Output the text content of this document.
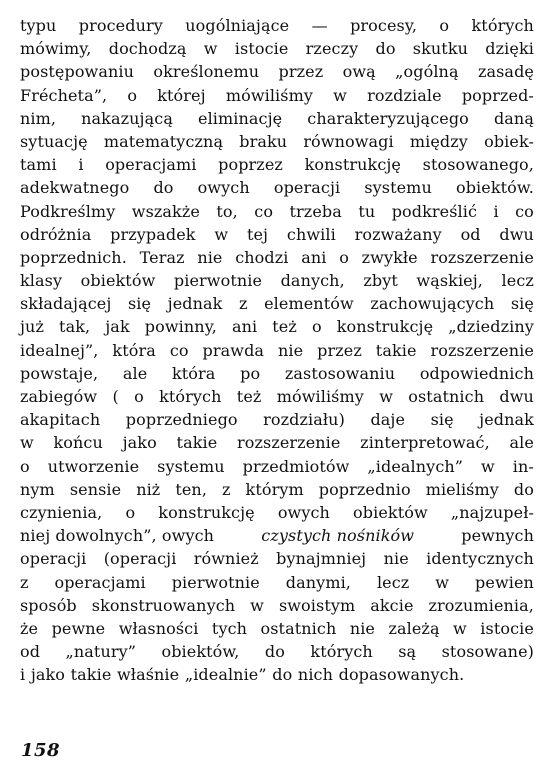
typu procedury uogólniające — procesy, o których
mówimy, dochodzą w istocie rzeczy do skutku dzięki
postępowaniu określonemu przez ową „ogólną zasadę
Frécheta”, o której mówiliśmy w rozdziale poprzed-
nim, nakazującą eliminację charakteryzującego daną
sytuację matematyczną braku równowagi między obiek-
tami i operacjami poprzez konstrukcję stosowanego,
adekwatnego do owych operacji systemu obiektów.
Podkreślmy wszakże to, co trzeba tu podkreślić i co
odróżnia przypadek w tej chwili rozważany od dwu
poprzednich. Teraz nie chodzi ani o zwykłe rozszerzenie
klasy obiektów pierwotnie danych, zbyt wąskiej, lecz
składającej się jednak z elementów zachowujących się
już tak, jak powinny, ani też o konstrukcję „dziedziny
idealnej”, która co prawda nie przez takie rozszerzenie
powstaje, ale która po zastosowaniu odpowiednich
zabiegów ( o których też mówiliśmy w ostatnich dwu
akapitach poprzedniego rozdziału) daje się jednak
w końcu jako takie rozszerzenie zinterpretować, ale
o utworzenie systemu przedmiotów „idealnych” w in-
nym sensie niż ten, z którym poprzednio mieliśmy do
czynienia, o konstrukcję owych obiektów „najzupeł-
niej dowolnych”, owych	czystych nośników	pewnych
operacji (operacji również bynajmniej nie identycznych
z operacjami pierwotnie danymi, lecz w pewien
sposób skonstruowanych w swoistym akcie zrozumienia,
że pewne własności tych ostatnich nie zależą w istocie
od „natury” obiektów, do których są stosowane)
i jako takie właśnie „idealnie” do nich dopasowanych.
158
